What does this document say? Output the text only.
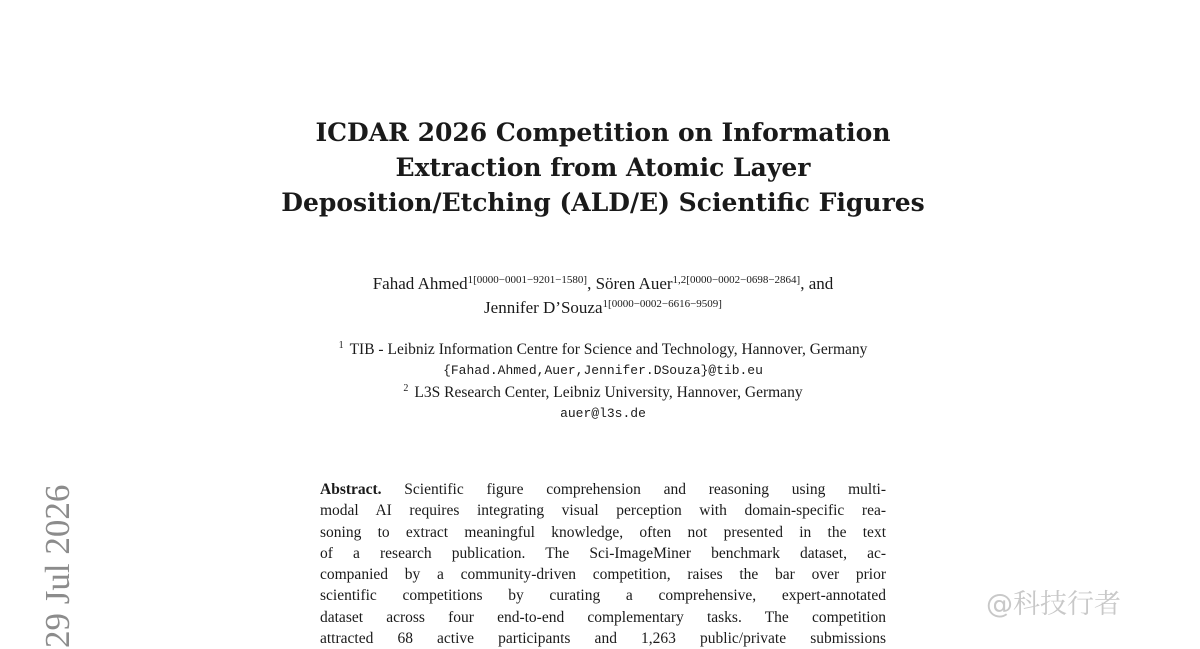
ICDAR 2026 Competition on Information
Extraction from Atomic Layer
Deposition/Etching (ALD/E) Scientific Figures
Fahad Ahmed$^{1[0000-0001-9201-1580]}$, Sören Auer$^{1,2[0000-0002-0698-2864]}$, and
Jennifer D’Souza$^{1[0000-0002-6616-9509]}$
$^1$ TIB - Leibniz Information Centre for Science and Technology, Hannover, Germany
{Fahad.Ahmed,Auer,Jennifer.DSouza}@tib.eu
$^2$ L3S Research Center, Leibniz University, Hannover, Germany
auer@l3s.de
Abstract. Scientific figure comprehension and reasoning using multi-
modal AI requires integrating visual perception with domain-specific rea-
soning to extract meaningful knowledge, often not presented in the text
of a research publication. The Sci-ImageMiner benchmark dataset, ac-
companied by a community-driven competition, raises the bar over prior
scientific competitions by curating a comprehensive, expert-annotated
dataset across four end-to-end complementary tasks. The competition
attracted 68 active participants and 1,263 public/private submissions
29 Jul 2026	@科技行者
